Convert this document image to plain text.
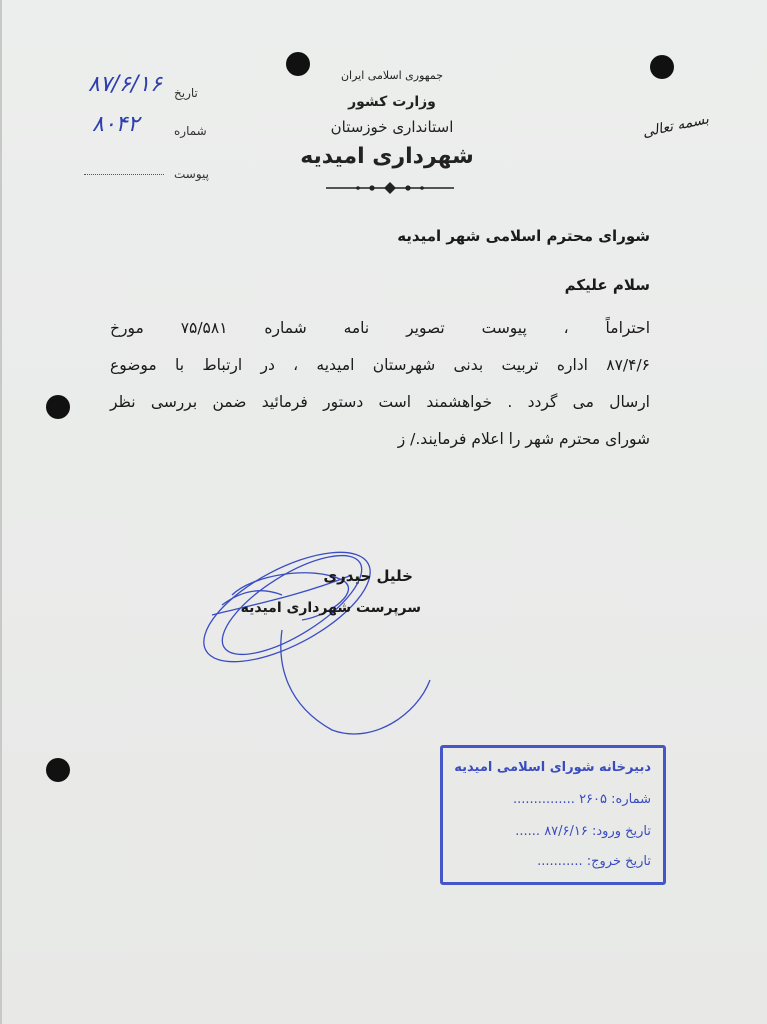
بسمه تعالی
۸۷/۶/۱۶ تاریخ
۸۰۴۲	شماره
پیوست
جمهوری اسلامی ایران
وزارت کشور
استانداری خوزستان
شهرداری امیدیه
شورای محترم اسلامی شهر امیدیه
سلام علیکم
احتراماً ، پیوست تصویر نامه شماره ۷۵/۵۸۱ مورخ
۸۷/۴/۶ اداره تربیت بدنی شهرستان امیدیه ، در ارتباط با موضوع
ارسال می گردد . خواهشمند است دستور فرمائید ضمن بررسی نظر
شورای محترم شهر را اعلام فرمایند./ ز
خلیل حیدری
سرپرست شهرداری امیدیه
دبیرخانه شورای اسلامی امیدیه
شماره: ۲۶۰۵ ...............
تاریخ ورود: ۸۷/۶/۱۶ ......
تاریخ خروج: ...........
